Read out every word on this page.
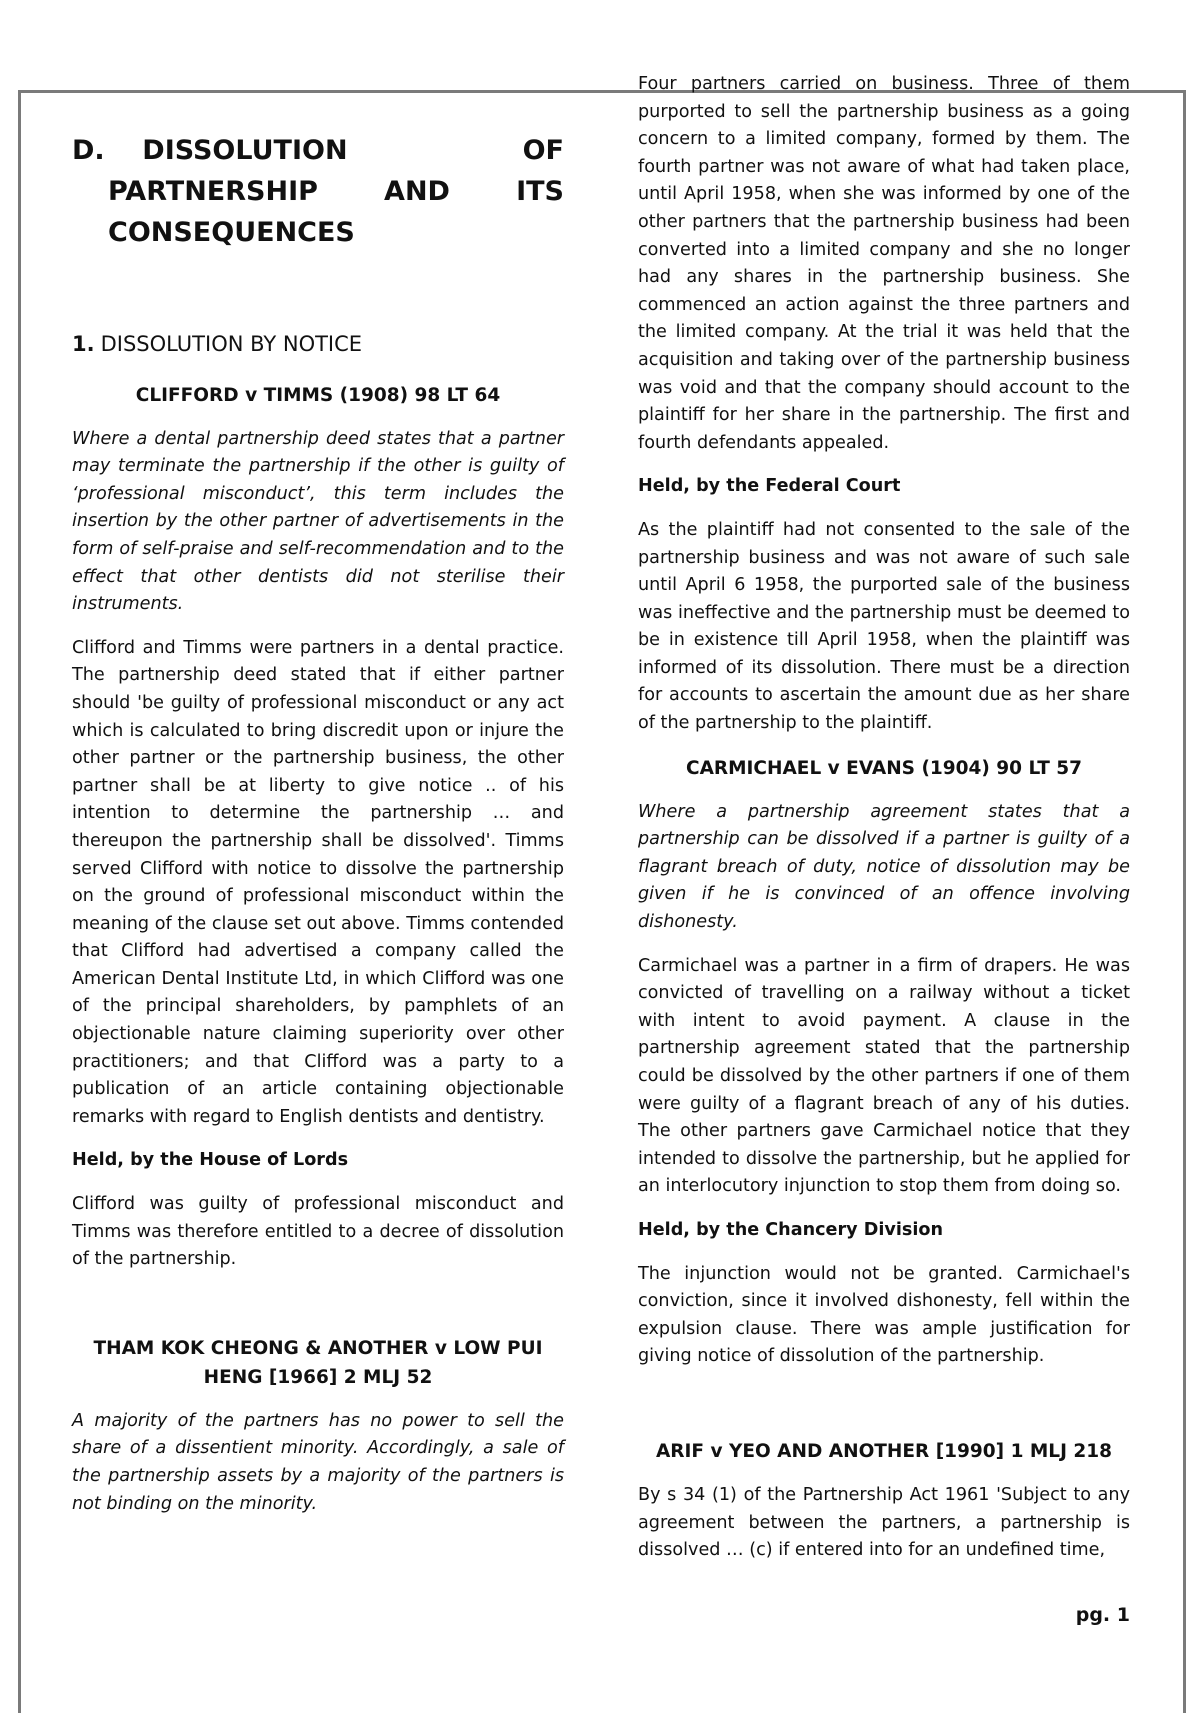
D. DISSOLUTION	OF
PARTNERSHIP AND ITS
CONSEQUENCES
1. DISSOLUTION BY NOTICE
CLIFFORD v TIMMS (1908) 98 LT 64

Where a dental partnership deed states that a partner may terminate the partnership if the other is guilty of ‘professional misconduct’, this term includes the insertion by the other partner of advertisements in the form of self-praise and self-recommendation and to the effect that other dentists did not sterilise their instruments.

Clifford and Timms were partners in a dental practice. The partnership deed stated that if either partner should 'be guilty of professional misconduct or any act which is calculated to bring discredit upon or injure the other partner or the partnership business, the other partner shall be at liberty to give notice .. of his intention to determine the partnership … and thereupon the partnership shall be dissolved'. Timms served Clifford with notice to dissolve the partnership on the ground of professional misconduct within the meaning of the clause set out above. Timms contended that Clifford had advertised a company called the American Dental Institute Ltd, in which Clifford was one of the principal shareholders, by pamphlets of an objectionable nature claiming superiority over other practitioners; and that Clifford was a party to a publication of an article containing objectionable remarks with regard to English dentists and dentistry.

Held, by the House of Lords

Clifford was guilty of professional misconduct and Timms was therefore entitled to a decree of dissolution of the partnership.

THAM KOK CHEONG & ANOTHER v LOW PUI HENG [1966] 2 MLJ 52

A majority of the partners has no power to sell the share of a dissentient minority. Accordingly, a sale of the partnership assets by a majority of the partners is not binding on the minority.

Four partners carried on business. Three of them purported to sell the partnership business as a going concern to a limited company, formed by them. The fourth partner was not aware of what had taken place, until April 1958, when she was informed by one of the other partners that the partnership business had been converted into a limited company and she no longer had any shares in the partnership business. She commenced an action against the three partners and the limited company. At the trial it was held that the acquisition and taking over of the partnership business was void and that the company should account to the plaintiff for her share in the partnership. The first and fourth defendants appealed.

Held, by the Federal Court

As the plaintiff had not consented to the sale of the partnership business and was not aware of such sale until April 6 1958, the purported sale of the business was ineffective and the partnership must be deemed to be in existence till April 1958, when the plaintiff was informed of its dissolution. There must be a direction for accounts to ascertain the amount due as her share of the partnership to the plaintiff.

CARMICHAEL v EVANS (1904) 90 LT 57

Where a partnership agreement states that a partnership can be dissolved if a partner is guilty of a flagrant breach of duty, notice of dissolution may be given if he is convinced of an offence involving dishonesty.

Carmichael was a partner in a firm of drapers. He was convicted of travelling on a railway without a ticket with intent to avoid payment. A clause in the partnership agreement stated that the partnership could be dissolved by the other partners if one of them were guilty of a flagrant breach of any of his duties. The other partners gave Carmichael notice that they intended to dissolve the partnership, but he applied for an interlocutory injunction to stop them from doing so.

Held, by the Chancery Division

The injunction would not be granted. Carmichael's conviction, since it involved dishonesty, fell within the expulsion clause. There was ample justification for giving notice of dissolution of the partnership.

ARIF v YEO AND ANOTHER [1990] 1 MLJ 218

By s 34 (1) of the Partnership Act 1961 'Subject to any agreement between the partners, a partnership is dissolved … (c) if entered into for an undefined time,

pg. 1
